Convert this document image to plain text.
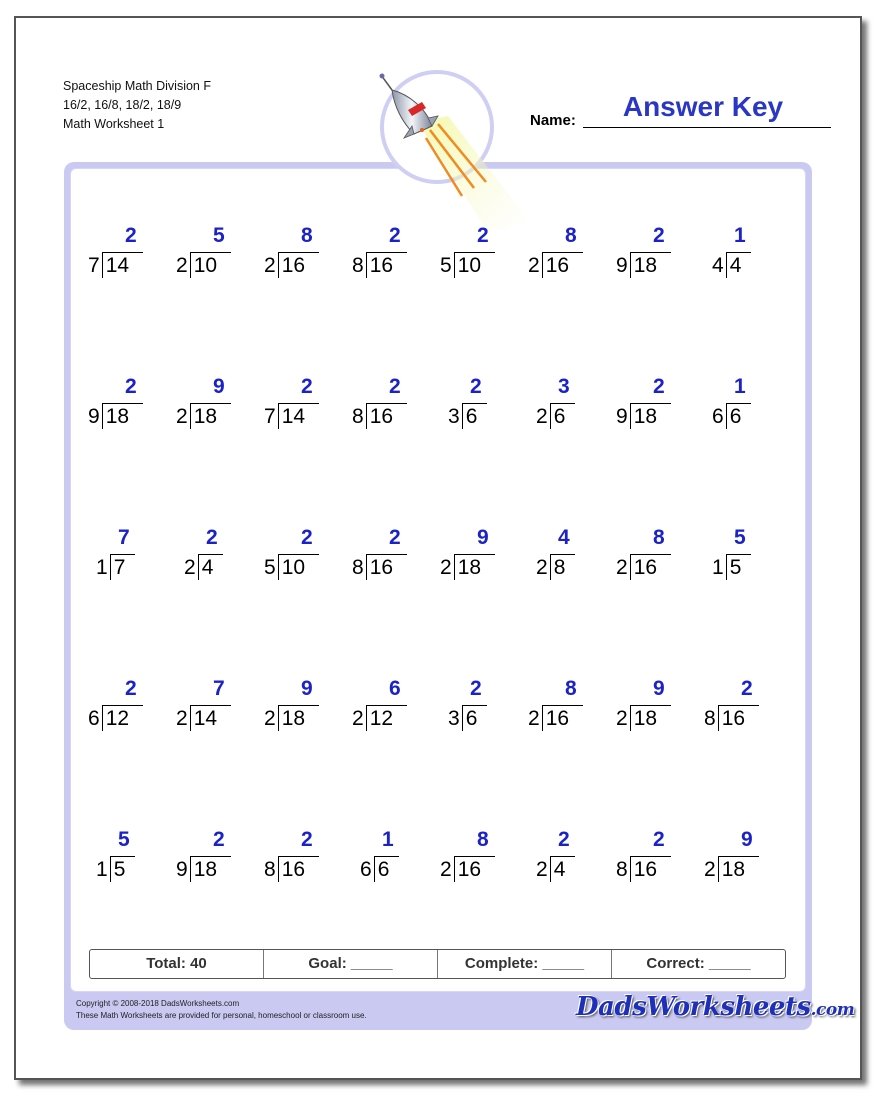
Spaceship Math Division F
16/2, 16/8, 18/2, 18/9
Math Worksheet 1	Name:	Answer Key
2
7 14
5
2 10
8
2 16
2
8 16
2
5 10
8
2 16
2
9 18
1
4 4
2
9 18
9
2 18
2
7 14
2
8 16
2
3 6
3
2 6
2
9 18
1
6 6
7
1 7
2
2 4
2
5 10
2
8 16
9
2 18
4
2 8
8
2 16
5
1 5
2
6 12
7
2 14
9
2 18
6
2 12
2
3 6
8
2 16
9
2 18
2
8 16
5
1 5
2
9 18
2
8 16
1
6 6
8
2 16
2
2 4
2
8 16
9
2 18
Total: 40	Goal: _____	Complete: _____	Correct: _____
Copyright © 2008-2018 DadsWorksheets.com
These Math Worksheets are provided for personal, homeschool or classroom use.	DadsWorksheets.com
